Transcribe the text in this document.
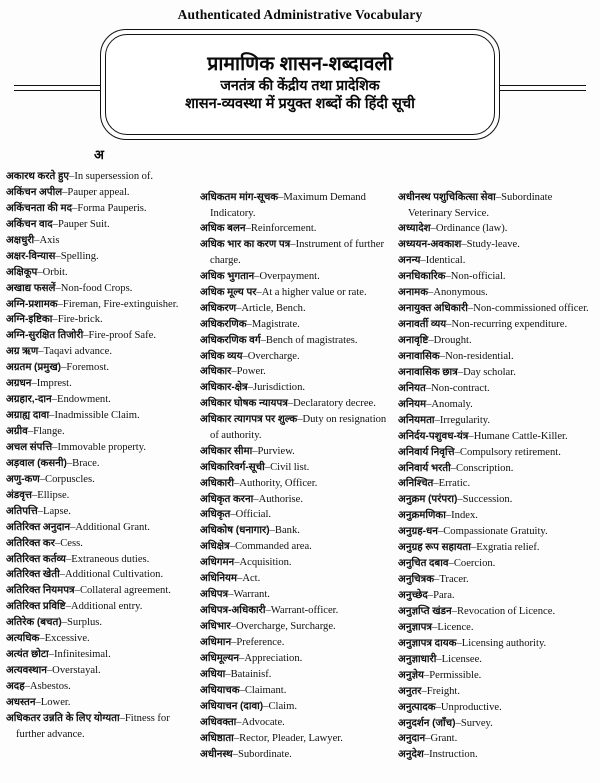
Authenticated Administrative Vocabulary
प्रामाणिक शासन-शब्दावली
जनतंत्र की केंद्रीय तथा प्रादेशिक
शासन-व्यवस्था में प्रयुक्त शब्दों की हिंदी सूची
अ
अकारथ करते हुए–In supersession of.
अकिंचन अपील–Pauper appeal.
अकिंचनता की मद–Forma Pauperis.
अकिंचन वाद–Pauper Suit.
अक्षधुरी–Axis
अक्षर-विन्यास–Spelling.
अक्षिकूप–Orbit.
अखाद्य फसलें–Non-food Crops.
अग्नि-प्रशामक–Fireman, Fire-extinguisher.
अग्नि-इष्टिका–Fire-brick.
अग्नि-सुरक्षित तिजोरी–Fire-proof Safe.
अग्र ऋण–Taqavi advance.
अग्रतम (प्रमुख)–Foremost.
अग्रधन–Imprest.
अग्रहार,-दान–Endowment.
अग्राह्य दावा–Inadmissible Claim.
अग्रीव–Flange.
अचल संपत्ति–Immovable property.
अड़वाल (कसनी)–Brace.
अणु-कण–Corpuscles.
अंडवृत्त–Ellipse.
अतिपत्ति–Lapse.
अतिरिक्त अनुदान–Additional Grant.
अतिरिक्त कर–Cess.
अतिरिक्त कर्तव्य–Extraneous duties.
अतिरिक्त खेती–Additional Cultivation.
अतिरिक्त नियमपत्र–Collateral agreement.
अतिरिक्त प्रविष्टि–Additional entry.
अतिरेक (बचत)–Surplus.
अत्यधिक–Excessive.
अत्यंत छोटा–Infinitesimal.
अत्यवस्थान–Overstayal.
अदह–Asbestos.
अधस्तन–Lower.
अधिकतर उन्नति के लिए योग्यता–Fitness for further advance.
अधिकतम मांग-सूचक–Maximum Demand Indicatory.
अधिक बलन–Reinforcement.
अधिक भार का करण पत्र–Instrument of further charge.
अधिक भुगतान–Overpayment.
अधिक मूल्य पर–At a higher value or rate.
अधिकरण–Article, Bench.
अधिकरणिक–Magistrate.
अधिकरणिक वर्ग–Bench of magistrates.
अधिक व्यय–Overcharge.
अधिकार–Power.
अधिकार-क्षेत्र–Jurisdiction.
अधिकार घोषक न्यायपत्र–Declaratory decree.
अधिकार त्यागपत्र पर शुल्क–Duty on resignation of authority.
अधिकार सीमा–Purview.
अधिकारिवर्ग-सूची–Civil list.
अधिकारी–Authority, Officer.
अधिकृत करना–Authorise.
अधिकृत–Official.
अधिकोष (धनागार)–Bank.
अधिक्षेत्र–Commanded area.
अधिगमन–Acquisition.
अधिनियम–Act.
अधिपत्र–Warrant.
अधिपत्र-अधिकारी–Warrant-officer.
अधिभार–Overcharge, Surcharge.
अधिमान–Preference.
अधिमूल्यन–Appreciation.
अधिया–Batainisf.
अधियाचक–Claimant.
अधियाचन (दावा)–Claim.
अधिवक्ता–Advocate.
अधिष्ठाता–Rector, Pleader, Lawyer.
अधीनस्थ–Subordinate.
अधीनस्थ पशुचिकित्सा सेवा–Subordinate Veterinary Service.
अध्यादेश–Ordinance (law).
अध्ययन-अवकाश–Study-leave.
अनन्य–Identical.
अनधिकारिक–Non-official.
अनामक–Anonymous.
अनायुक्त अधिकारी–Non-commissioned officer.
अनावर्ती व्यय–Non-recurring expenditure.
अनावृष्टि–Drought.
अनावासिक–Non-residential.
अनावासिक छात्र–Day scholar.
अनियत–Non-contract.
अनियम–Anomaly.
अनियमता–Irregularity.
अनिर्दय-पशुवध-यंत्र–Humane Cattle-Killer.
अनिवार्य निवृत्ति–Compulsory retirement.
अनिवार्य भरती–Conscription.
अनिश्चित–Erratic.
अनुक्रम (परंपरा)–Succession.
अनुक्रमणिका–Index.
अनुग्रह-धन–Compassionate Gratuity.
अनुग्रह रूप सहायता–Exgratia relief.
अनुचित दबाव–Coercion.
अनुचित्रक–Tracer.
अनुच्छेद–Para.
अनुज्ञप्ति खंडन–Revocation of Licence.
अनुज्ञापत्र–Licence.
अनुज्ञापत्र दायक–Licensing authority.
अनुज्ञाधारी–Licensee.
अनुज्ञेय–Permissible.
अनुतर–Freight.
अनुत्पादक–Unproductive.
अनुदर्शन (जाँच)–Survey.
अनुदान–Grant.
अनुदेश–Instruction.
